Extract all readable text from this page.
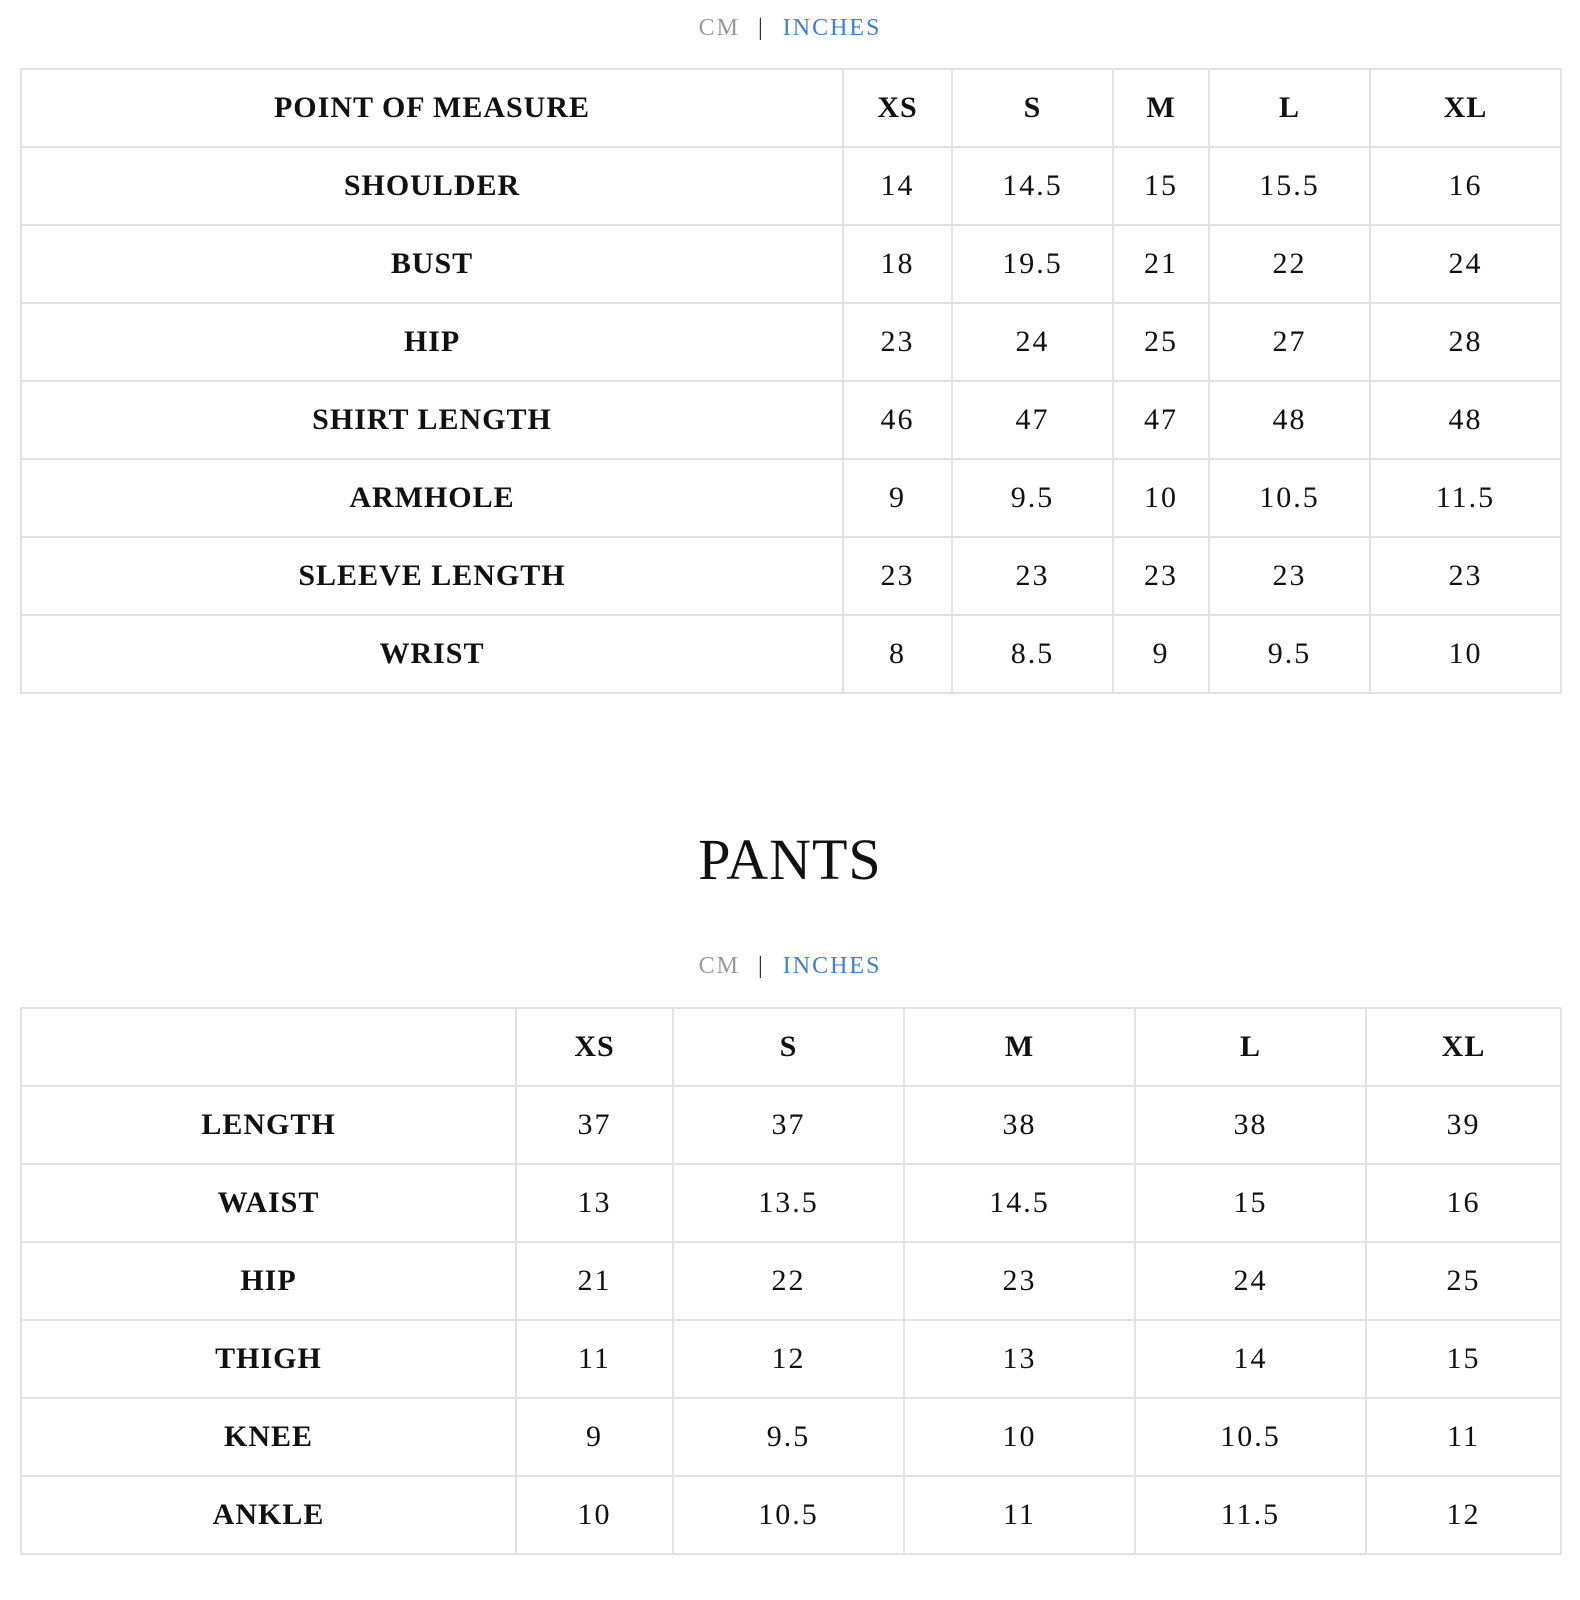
CM | INCHES
POINT OF MEASURE	XS	S	M	L	XL
SHOULDER	14	14.5	15	15.5	16
BUST	18	19.5	21	22	24
HIP	23	24	25	27	28
SHIRT LENGTH	46	47	47	48	48
ARMHOLE	9	9.5	10	10.5	11.5
SLEEVE LENGTH	23	23	23	23	23
WRIST	8	8.5	9	9.5	10
PANTS
CM | INCHES
	XS	S	M	L	XL
LENGTH	37	37	38	38	39
WAIST	13	13.5	14.5	15	16
HIP	21	22	23	24	25
THIGH	11	12	13	14	15
KNEE	9	9.5	10	10.5	11
ANKLE	10	10.5	11	11.5	12
